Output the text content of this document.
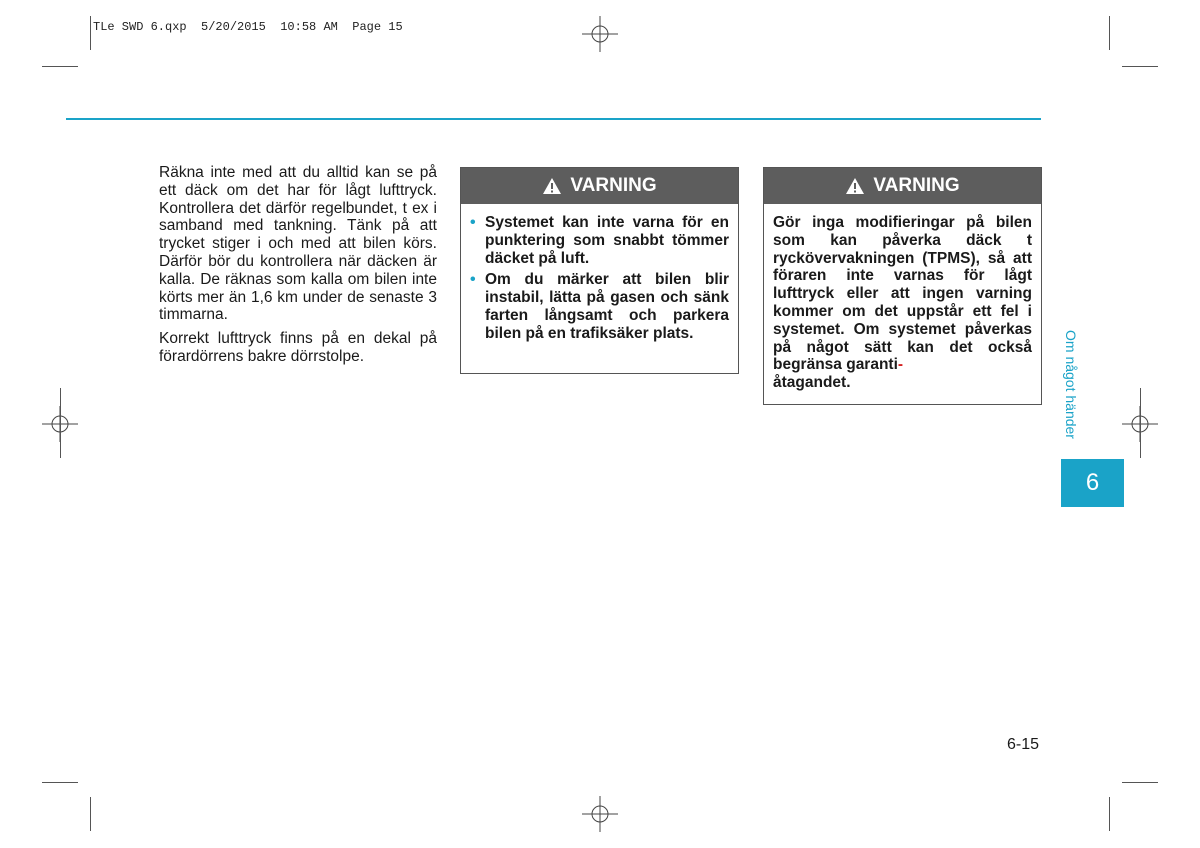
TLe SWD 6.qxp  5/20/2015  10:58 AM  Page 15

Räkna inte med att du alltid kan se på ett däck om det har för lågt lufttryck. Kontrollera det därför regelbundet, t ex i samband med tankning. Tänk på att trycket stiger i och med att bilen körs. Därför bör du kontrollera när däcken är kalla. De räknas som kalla om bilen inte körts mer än 1,6 km under de senaste 3 timmarna.

Korrekt lufttryck finns på en dekal på förardörrens bakre dörrstolpe.

VARNING
• Systemet kan inte varna för en punktering som snabbt tömmer däcket på luft.
• Om du märker att bilen blir instabil, lätta på gasen och sänk farten långsamt och parkera bilen på en trafiksäker plats.
VARNING
Gör inga modifieringar på bilen som kan påverka däck t ryckövervakningen (TPMS), så att föraren inte varnas för lågt lufttryck eller att ingen varning kommer om det uppstår ett fel i systemet. Om systemet påverkas på något sätt kan det också begränsa garanti-
åtagandet.	Om något händer
6
6-15
